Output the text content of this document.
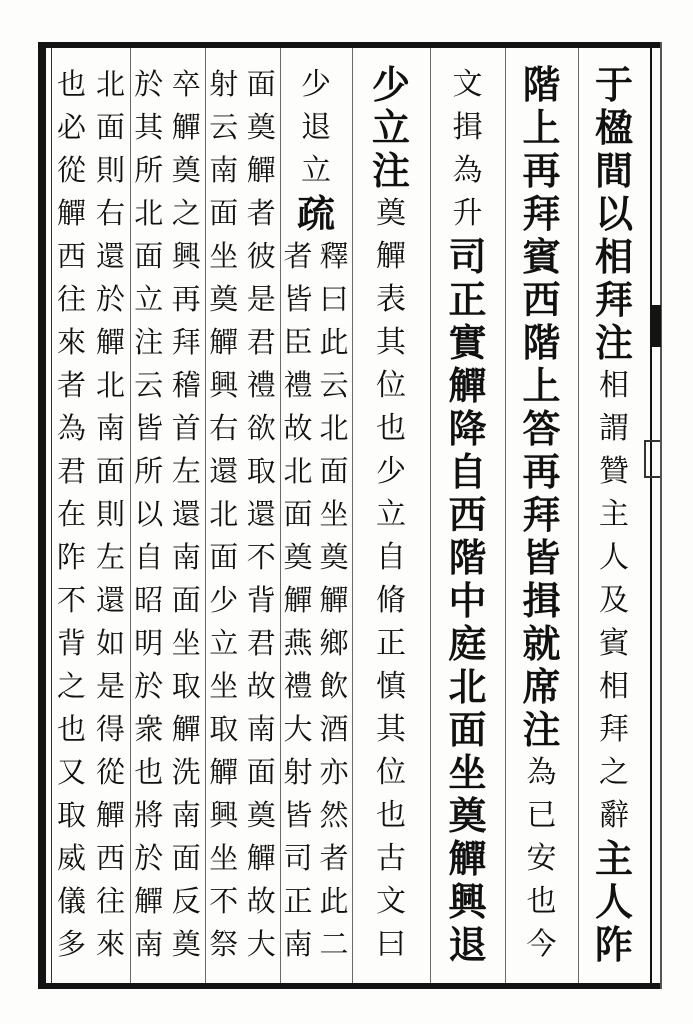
于
楹
間
以
相
拜
注
相
謂
贊
主
人
及
賓
相
拜
之
辭
主
人
阼
階
上
再
拜
賓
西
階
上
答
再
拜
皆
揖
就
席
注
為
已
安
也
今
文
揖
為
升
司
正
實
觶
降
自
西
階
中
庭
北
面
坐
奠
觶
興
退
少
立
注
奠
觶
表
其
位
也
少
立
自
脩
正
慎
其
位
也
古
文
曰
少
退
立
疏
釋
曰
此
云
北
面
坐
奠
觶
鄉
飲
酒
亦
然
者
此
二
者
皆
臣
禮
故
北
面
奠
觶
燕
禮
大
射
皆
司
正
南
面
奠
觶
者
彼
是
君
禮
欲
取
還
不
背
君
故
南
面
奠
觶
故
大
射
云
南
面
坐
奠
觶
興
右
還
北
面
少
立
坐
取
觶
興
坐
不
祭
卒
觶
奠
之
興
再
拜
稽
首
左
還
南
面
坐
取
觶
洗
南
面
反
奠
於
其
所
北
面
立
注
云
皆
所
以
自
昭
明
於
衆
也
將
於
觶
南
北
面
則
右
還
於
觶
北
南
面
則
左
還
如
是
得
從
觶
西
往
來
也
必
從
觶
西
往
來
者
為
君
在
阼
不
背
之
也
又
取
威
儀
多
